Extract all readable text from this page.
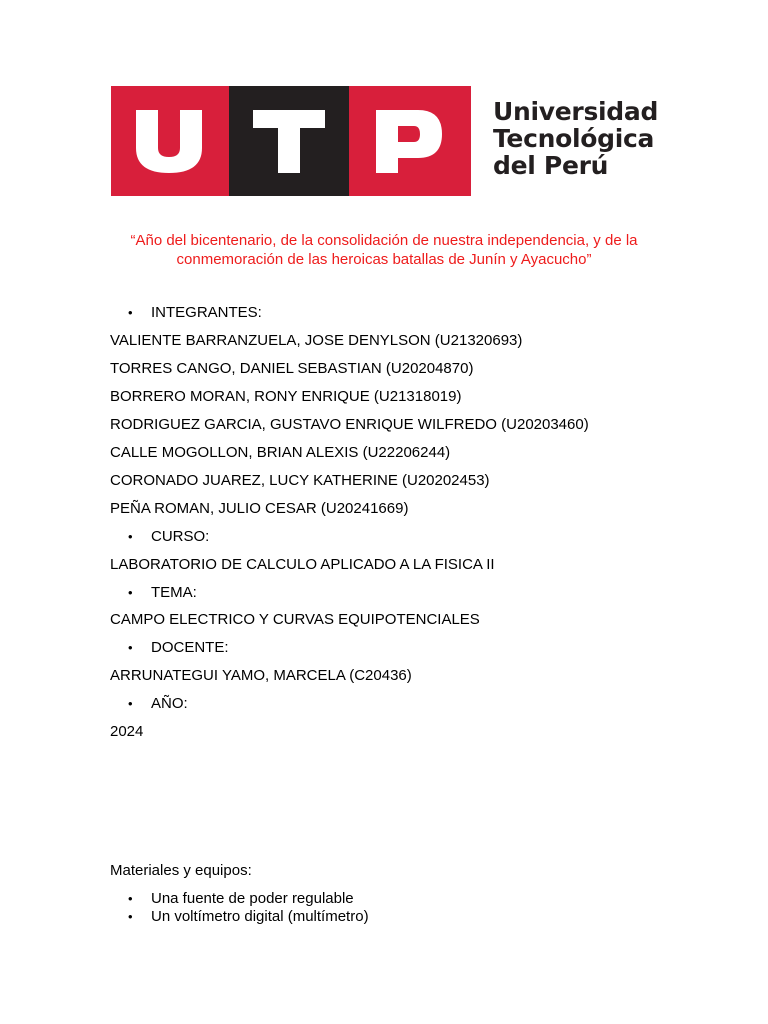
Universidad
Tecnológica
del Perú
“Año del bicentenario, de la consolidación de nuestra independencia, y de la
conmemoración de las heroicas batallas de Junín y Ayacucho”
• INTEGRANTES:
VALIENTE BARRANZUELA, JOSE DENYLSON (U21320693)
TORRES CANGO, DANIEL SEBASTIAN (U20204870)
BORRERO MORAN, RONY ENRIQUE (U21318019)
RODRIGUEZ GARCIA, GUSTAVO ENRIQUE WILFREDO (U20203460)
CALLE MOGOLLON, BRIAN ALEXIS (U22206244)
CORONADO JUAREZ, LUCY KATHERINE (U20202453)
PEÑA ROMAN, JULIO CESAR (U20241669)
• CURSO:
LABORATORIO DE CALCULO APLICADO A LA FISICA II
• TEMA:
CAMPO ELECTRICO Y CURVAS EQUIPOTENCIALES
• DOCENTE:
ARRUNATEGUI YAMO, MARCELA (C20436)
• AÑO:
2024
Materiales y equipos:
• Una fuente de poder regulable
• Un voltímetro digital (multímetro)
